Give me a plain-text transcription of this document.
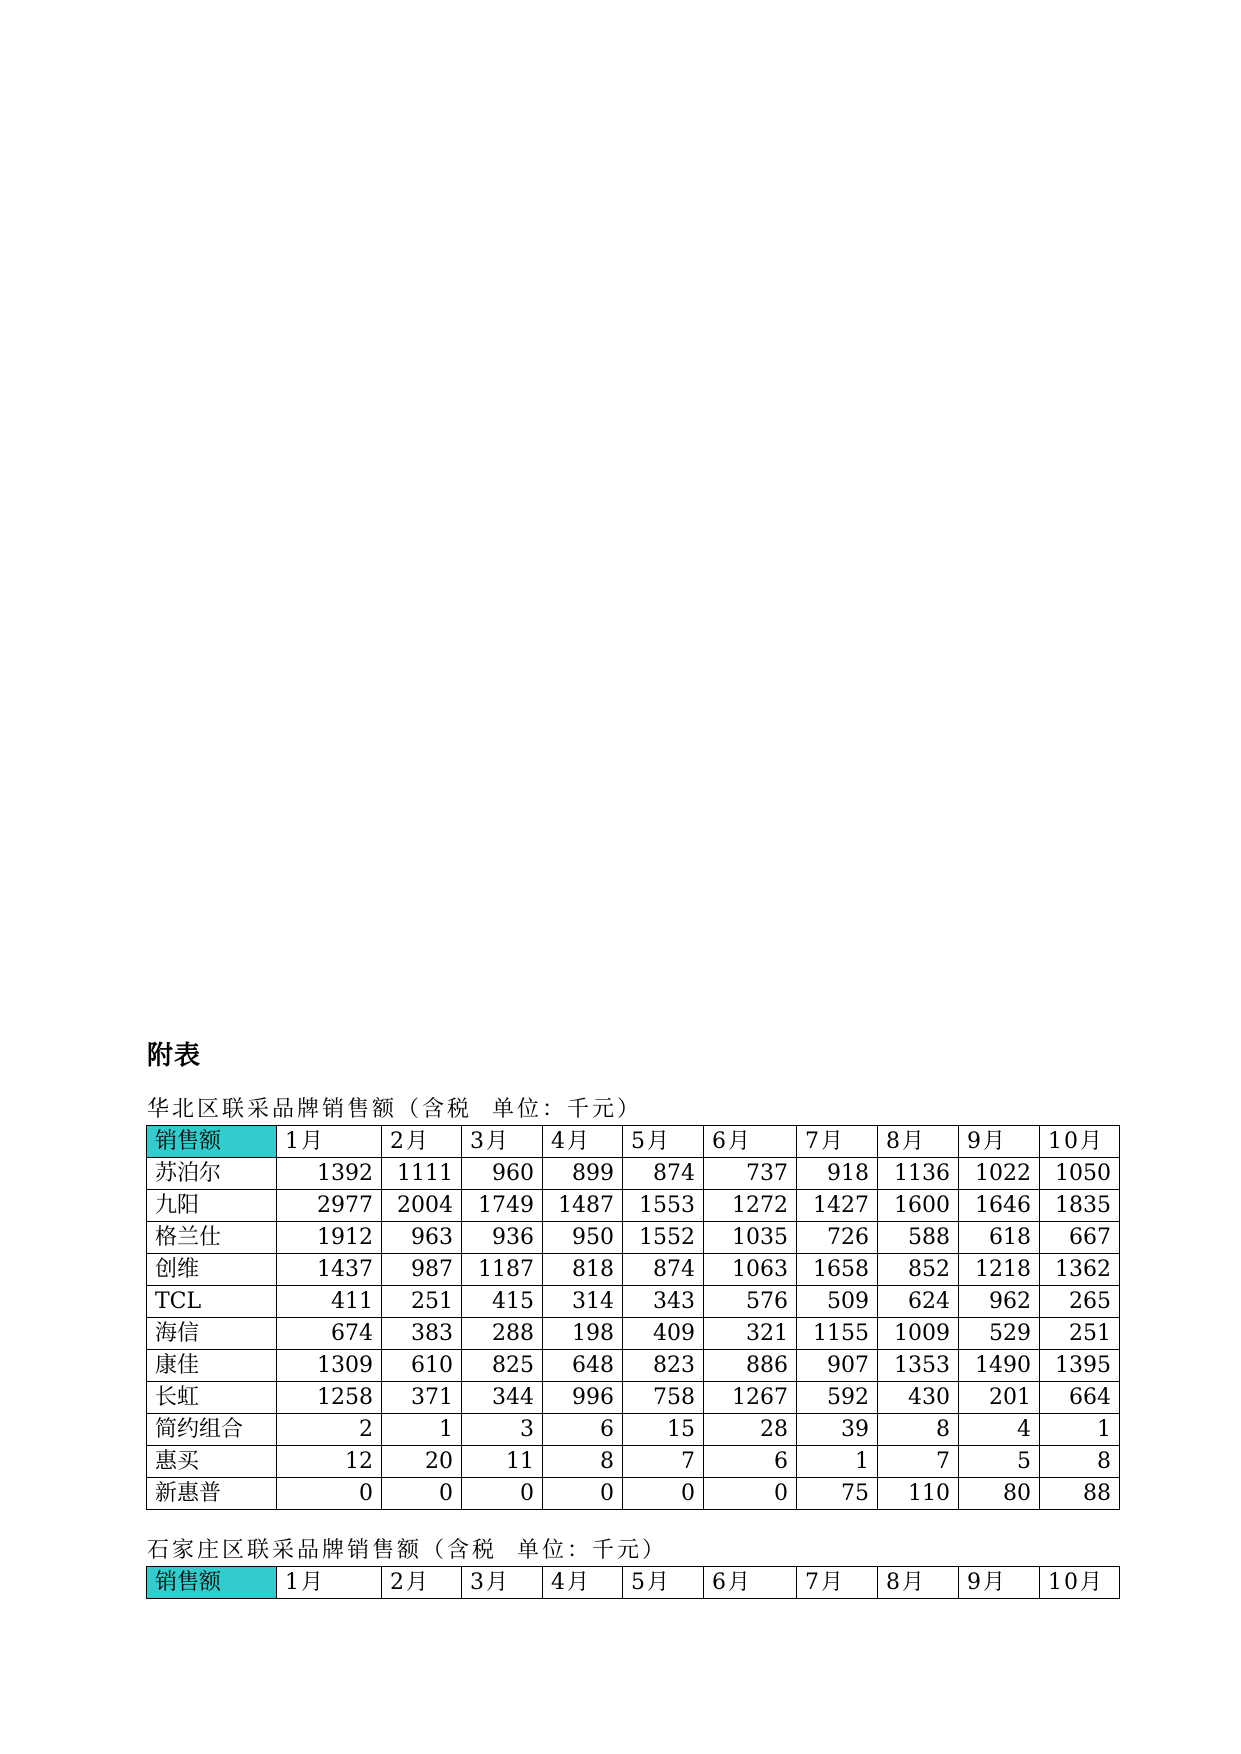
附表
华北区联采品牌销售额（含税  单位：千元）
销售额	1月	2月	3月	4月	5月	6月	7月	8月	9月	10月
苏泊尔	1392	1111	960	899	874	737	918	1136	1022	1050
九阳	2977	2004	1749	1487	1553	1272	1427	1600	1646	1835
格兰仕	1912	963	936	950	1552	1035	726	588	618	667
创维	1437	987	1187	818	874	1063	1658	852	1218	1362
TCL	411	251	415	314	343	576	509	624	962	265
海信	674	383	288	198	409	321	1155	1009	529	251
康佳	1309	610	825	648	823	886	907	1353	1490	1395
长虹	1258	371	344	996	758	1267	592	430	201	664
简约组合	2	1	3	6	15	28	39	8	4	1
惠买	12	20	11	8	7	6	1	7	5	8
新惠普	0	0	0	0	0	0	75	110	80	88
石家庄区联采品牌销售额（含税  单位：千元）
销售额	1月	2月	3月	4月	5月	6月	7月	8月	9月	10月
